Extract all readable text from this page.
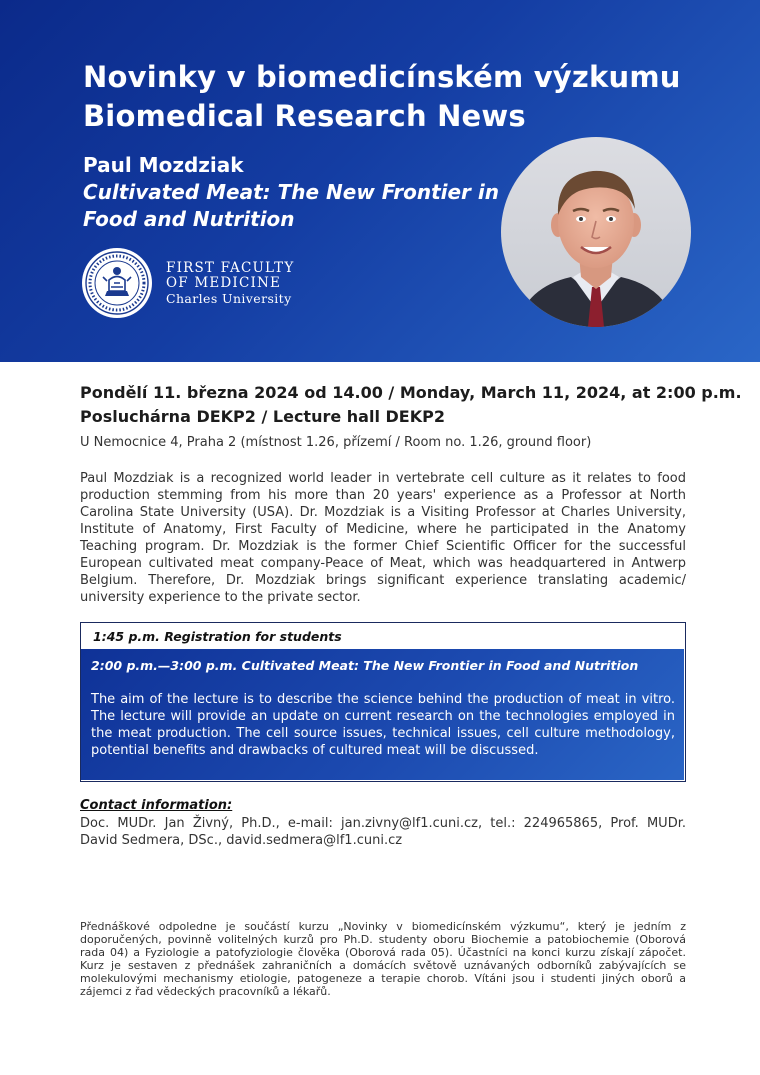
Novinky v biomedicínském výzkumu
Biomedical Research News
Paul Mozdziak
Cultivated Meat: The New Frontier in Food and Nutrition
FIRST FACULTY
OF MEDICINE
Charles University
Pondělí 11. března 2024 od 14.00 / Monday, March 11, 2024, at 2:00 p.m.
Posluchárna DEKP2 / Lecture hall DEKP2
U Nemocnice 4, Praha 2 (místnost 1.26, přízemí / Room no. 1.26, ground floor)
Paul Mozdziak is a recognized world leader in vertebrate cell culture as it relates to food production stemming from his more than 20 years' experience as a Professor at North Carolina State University (USA). Dr. Mozdziak is a Visiting Professor at Charles University, Institute of Anatomy, First Faculty of Medicine, where he participated in the Anatomy Teaching program. Dr. Mozdziak is the former Chief Scientific Officer for the successful European cultivated meat company-Peace of Meat, which was headquartered in Antwerp Belgium. Therefore, Dr. Mozdziak brings significant experience translating academic/ university experience to the private sector.
1:45 p.m. Registration for students
2:00 p.m.—3:00 p.m. Cultivated Meat: The New Frontier in Food and Nutrition
The aim of the lecture is to describe the science behind the production of meat in vitro. The lecture will provide an update on current research on the technologies employed in the meat production. The cell source issues, technical issues, cell culture methodology, potential benefits and drawbacks of cultured meat will be discussed.
Contact information:
Doc. MUDr. Jan Živný, Ph.D., e-mail: jan.zivny@lf1.cuni.cz, tel.: 224965865, Prof. MUDr. David Sedmera, DSc., david.sedmera@lf1.cuni.cz
Přednáškové odpoledne je součástí kurzu „Novinky v biomedicínském výzkumu“, který je jedním z doporučených, povinně volitelných kurzů pro Ph.D. studenty oboru Biochemie a patobiochemie (Oborová rada 04) a Fyziologie a patofyziologie člověka (Oborová rada 05). Účastníci na konci kurzu získají zápočet. Kurz je sestaven z přednášek zahraničních a domácích světově uznávaných odborníků zabývajících se molekulovými mechanismy etiologie, patogeneze a terapie chorob. Vítáni jsou i studenti jiných oborů a zájemci z řad vědeckých pracovníků a lékařů.
